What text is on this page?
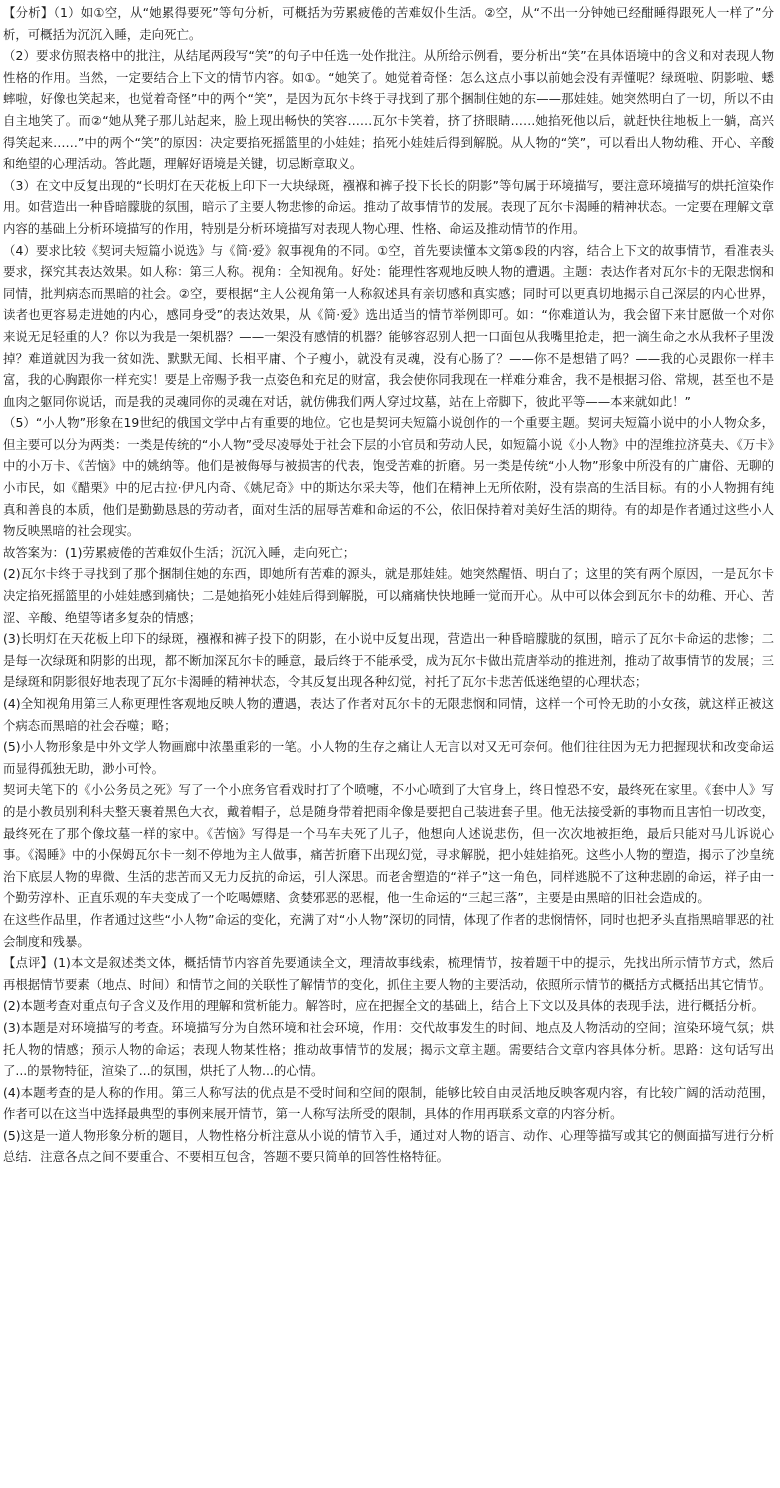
【分析】（1）如①空，从“她累得要死”等句分析，可概括为劳累疲倦的苦难奴仆生活。②空，从“不出一分钟她已经酣睡得跟死人一样了”分析，可概括为沉沉入睡，走向死亡。

（2）要求仿照表格中的批注，从结尾两段写“笑”的句子中任选一处作批注。从所给示例看，要分析出“笑”在具体语境中的含义和对表现人物性格的作用。当然，一定要结合上下文的情节内容。如①。“她笑了。她觉着奇怪：怎么这点小事以前她会没有弄懂呢？绿斑啦、阴影啦、蟋蟀啦，好像也笑起来，也觉着奇怪”中的两个“笑”，是因为瓦尔卡终于寻找到了那个捆制住她的东——那娃娃。她突然明白了一切，所以不由自主地笑了。而②“她从凳子那儿站起来，脸上现出畅快的笑容……瓦尔卡笑着，挤了挤眼睛……她掐死他以后，就赶快往地板上一躺，高兴得笑起来……”中的两个“笑”的原因：决定要掐死摇篮里的小娃娃；掐死小娃娃后得到解脱。从人物的“笑”，可以看出人物幼稚、开心、辛酸和绝望的心理活动。答此题，理解好语境是关键，切忌断章取义。

（3）在文中反复出现的“长明灯在天花板上印下一大块绿斑，襁褓和裤子投下长长的阴影”等句属于环境描写，要注意环境描写的烘托渲染作用。如营造出一种昏暗朦胧的氛围，暗示了主要人物悲惨的命运。推动了故事情节的发展。表现了瓦尔卡渴睡的精神状态。一定要在理解文章内容的基础上分析环境描写的作用，特别是分析环境描写对表现人物心理、性格、命运及推动情节的作用。

（4）要求比较《契诃夫短篇小说选》与《简·爱》叙事视角的不同。①空，首先要读懂本文第⑤段的内容，结合上下文的故事情节，看准表头要求，探究其表达效果。如人称：第三人称。视角：全知视角。好处：能理性客观地反映人物的遭遇。主题：表达作者对瓦尔卡的无限悲悯和同情，批判病态而黑暗的社会。②空，要根据“主人公视角第一人称叙述具有亲切感和真实感；同时可以更真切地揭示自己深层的内心世界，读者也更容易走进她的内心，感同身受”的表达效果，从《简·爱》选出适当的情节举例即可。如：“你难道认为，我会留下来甘愿做一个对你来说无足轻重的人？你以为我是一架机器？——一架没有感情的机器？能够容忍别人把一口面包从我嘴里抢走，把一滴生命之水从我杯子里泼掉？难道就因为我一贫如洗、默默无闻、长相平庸、个子瘦小，就没有灵魂，没有心肠了？——你不是想错了吗？——我的心灵跟你一样丰富，我的心胸跟你一样充实！要是上帝赐予我一点姿色和充足的财富，我会使你同我现在一样难分难舍，我不是根据习俗、常规，甚至也不是血肉之躯同你说话，而是我的灵魂同你的灵魂在对话，就仿佛我们两人穿过坟墓，站在上帝脚下，彼此平等——本来就如此！”

（5）“小人物”形象在19世纪的俄国文学中占有重要的地位。它也是契诃夫短篇小说创作的一个重要主题。契诃夫短篇小说中的小人物众多，但主要可以分为两类：一类是传统的“小人物”受尽凌辱处于社会下层的小官员和劳动人民，如短篇小说《小人物》中的涅维拉济莫夫、《万卡》中的小万卡、《苦恼》中的姚纳等。他们是被侮辱与被损害的代表，饱受苦难的折磨。另一类是传统“小人物”形象中所没有的广庸俗、无聊的小市民，如《醋栗》中的尼古拉·伊凡内奇、《姚尼奇》中的斯达尔采夫等，他们在精神上无所依附，没有崇高的生活目标。有的小人物拥有纯真和善良的本质，他们是勤勤恳恳的劳动者，面对生活的屈辱苦难和命运的不公，依旧保持着对美好生活的期待。有的却是作者通过这些小人物反映黑暗的社会现实。

故答案为：(1)劳累疲倦的苦难奴仆生活；沉沉入睡，走向死亡；

(2)瓦尔卡终于寻找到了那个捆制住她的东西，即她所有苦难的源头，就是那娃娃。她突然醒悟、明白了；这里的笑有两个原因，一是瓦尔卡决定掐死摇篮里的小娃娃感到痛快；二是她掐死小娃娃后得到解脱，可以痛痛快快地睡一觉而开心。从中可以体会到瓦尔卡的幼稚、开心、苦涩、辛酸、绝望等诸多复杂的情感；

(3)长明灯在天花板上印下的绿斑，襁褓和裤子投下的阴影，在小说中反复出现，营造出一种昏暗朦胧的氛围，暗示了瓦尔卡命运的悲惨；二是每一次绿斑和阴影的出现，都不断加深瓦尔卡的睡意，最后终于不能承受，成为瓦尔卡做出荒唐举动的推进剂，推动了故事情节的发展；三是绿斑和阴影很好地表现了瓦尔卡渴睡的精神状态，令其反复出现各种幻觉，衬托了瓦尔卡悲苦低迷绝望的心理状态；

(4)全知视角用第三人称更理性客观地反映人物的遭遇，表达了作者对瓦尔卡的无限悲悯和同情，这样一个可怜无助的小女孩，就这样正被这个病态而黑暗的社会吞噬；略；

(5)小人物形象是中外文学人物画廊中浓墨重彩的一笔。小人物的生存之痛让人无言以对又无可奈何。他们往往因为无力把握现状和改变命运而显得孤独无助，渺小可怜。

契诃夫笔下的《小公务员之死》写了一个小庶务官看戏时打了个喷嚏，不小心喷到了大官身上，终日惶恐不安，最终死在家里。《套中人》写的是小教员别利科夫整天裹着黑色大衣，戴着帽子，总是随身带着把雨伞像是要把自己装进套子里。他无法接受新的事物而且害怕一切改变，最终死在了那个像坟墓一样的家中。《苦恼》写得是一个马车夫死了儿子，他想向人述说悲伤，但一次次地被拒绝，最后只能对马儿诉说心事。《渴睡》中的小保姆瓦尔卡一刻不停地为主人做事，痛苦折磨下出现幻觉，寻求解脱，把小娃娃掐死。这些小人物的塑造，揭示了沙皇统治下底层人物的卑微、生活的悲苦而又无力反抗的命运，引人深思。而老舍塑造的“祥子”这一角色，同样逃脱不了这种悲剧的命运，祥子由一个勤劳淳朴、正直乐观的车夫变成了一个吃喝嫖赌、贪婪邪恶的恶棍，他一生命运的“三起三落”，主要是由黑暗的旧社会造成的。

在这些作品里，作者通过这些“小人物”命运的变化，充满了对“小人物”深切的同情，体现了作者的悲悯情怀，同时也把矛头直指黑暗罪恶的社会制度和残暴。

【点评】(1)本文是叙述类文体，概括情节内容首先要通读全文，理清故事线索，梳理情节，按着题干中的提示，先找出所示情节方式，然后再根据情节要素（地点、时间）和情节之间的关联性了解情节的变化，抓住主要人物的主要活动，依照所示情节的概括方式概括出其它情节。

(2)本题考查对重点句子含义及作用的理解和赏析能力。解答时，应在把握全文的基础上，结合上下文以及具体的表现手法，进行概括分析。

(3)本题是对环境描写的考查。环境描写分为自然环境和社会环境，作用：交代故事发生的时间、地点及人物活动的空间；渲染环境气氛；烘托人物的情感；预示人物的命运；表现人物某性格；推动故事情节的发展；揭示文章主题。需要结合文章内容具体分析。思路：这句话写出了...的景物特征，渲染了...的氛围，烘托了人物...的心情。

(4)本题考查的是人称的作用。第三人称写法的优点是不受时间和空间的限制，能够比较自由灵活地反映客观内容，有比较广阔的活动范围，作者可以在这当中选择最典型的事例来展开情节，第一人称写法所受的限制，具体的作用再联系文章的内容分析。

(5)这是一道人物形象分析的题目，人物性格分析注意从小说的情节入手，通过对人物的语言、动作、心理等描写或其它的侧面描写进行分析总结．注意各点之间不要重合、不要相互包含，答题不要只简单的回答性格特征。
